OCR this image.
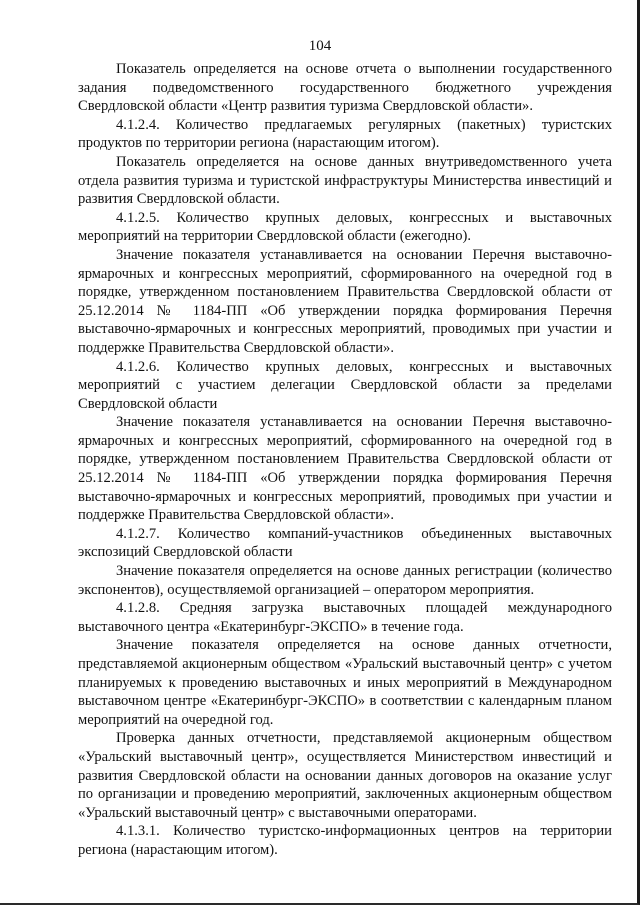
104

Показатель определяется на основе отчета о выполнении государственного задания подведомственного государственного бюджетного учреждения Свердловской области «Центр развития туризма Свердловской области».

4.1.2.4. Количество предлагаемых регулярных (пакетных) туристских продуктов по территории региона (нарастающим итогом).

Показатель определяется на основе данных внутриведомственного учета отдела развития туризма и туристской инфраструктуры Министерства инвестиций и развития Свердловской области.

4.1.2.5. Количество крупных деловых, конгрессных и выставочных мероприятий на территории Свердловской области (ежегодно).

Значение показателя устанавливается на основании Перечня выставочно-ярмарочных и конгрессных мероприятий, сформированного на очередной год в порядке, утвержденном постановлением Правительства Свердловской области от 25.12.2014 № 1184-ПП «Об утверждении порядка формирования Перечня выставочно-ярмарочных и конгрессных мероприятий, проводимых при участии и поддержке Правительства Свердловской области».

4.1.2.6. Количество крупных деловых, конгрессных и выставочных мероприятий с участием делегации Свердловской области за пределами Свердловской области

Значение показателя устанавливается на основании Перечня выставочно-ярмарочных и конгрессных мероприятий, сформированного на очередной год в порядке, утвержденном постановлением Правительства Свердловской области от 25.12.2014 № 1184-ПП «Об утверждении порядка формирования Перечня выставочно-ярмарочных и конгрессных мероприятий, проводимых при участии и поддержке Правительства Свердловской области».

4.1.2.7. Количество компаний-участников объединенных выставочных экспозиций Свердловской области

Значение показателя определяется на основе данных регистрации (количество экспонентов), осуществляемой организацией – оператором мероприятия.

4.1.2.8. Средняя загрузка выставочных площадей международного выставочного центра «Екатеринбург-ЭКСПО» в течение года.

Значение показателя определяется на основе данных отчетности, представляемой акционерным обществом «Уральский выставочный центр» с учетом планируемых к проведению выставочных и иных мероприятий в Международном выставочном центре «Екатеринбург-ЭКСПО» в соответствии с календарным планом мероприятий на очередной год.

Проверка данных отчетности, представляемой акционерным обществом «Уральский выставочный центр», осуществляется Министерством инвестиций и развития Свердловской области на основании данных договоров на оказание услуг по организации и проведению мероприятий, заключенных акционерным обществом «Уральский выставочный центр» с выставочными операторами.

4.1.3.1. Количество туристско-информационных центров на территории региона (нарастающим итогом).
